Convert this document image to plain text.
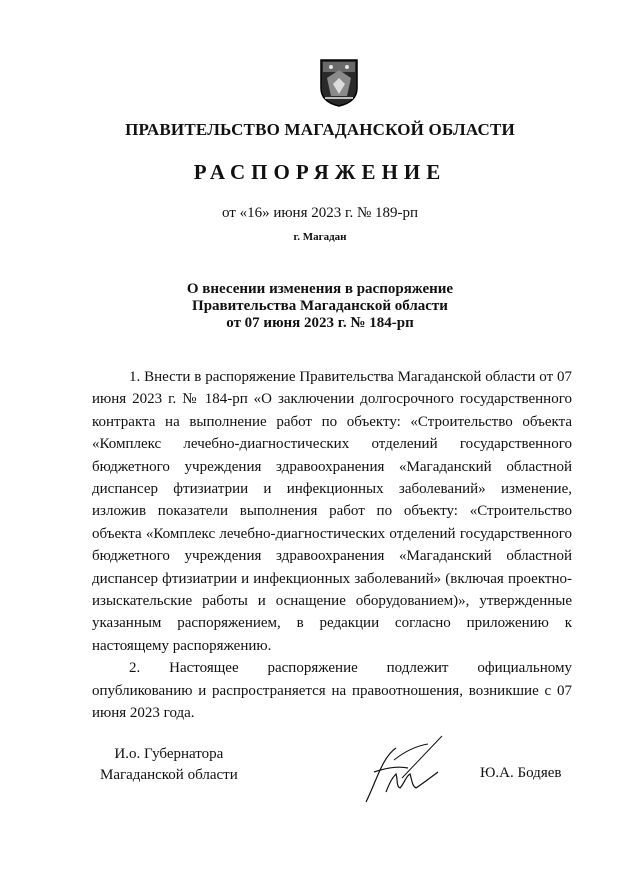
ПРАВИТЕЛЬСТВО МАГАДАНСКОЙ ОБЛАСТИ
РАСПОРЯЖЕНИЕ
от «16» июня 2023 г. № 189-рп
г. Магадан
О внесении изменения в распоряжение
Правительства Магаданской области
от 07 июня 2023 г. № 184-рп

1. Внести в распоряжение Правительства Магаданской области от 07 июня 2023 г. № 184-рп «О заключении долгосрочного государственного контракта на выполнение работ по объекту: «Строительство объекта «Комплекс лечебно-диагностических отделений государственного бюджетного учреждения здравоохранения «Магаданский областной диспансер фтизиатрии и инфекционных заболеваний» изменение, изложив показатели выполнения работ по объекту: «Строительство объекта «Комплекс лечебно-диагностических отделений государственного бюджетного учреждения здравоохранения «Магаданский областной диспансер фтизиатрии и инфекционных заболеваний» (включая проектно-изыскательские работы и оснащение оборудованием)», утвержденные указанным распоряжением, в редакции согласно приложению к настоящему распоряжению.

2. Настоящее распоряжение подлежит официальному опубликованию и распространяется на правоотношения, возникшие с 07 июня 2023 года.

И.о. Губернатора
Магаданской области	Ю.А. Бодяев
